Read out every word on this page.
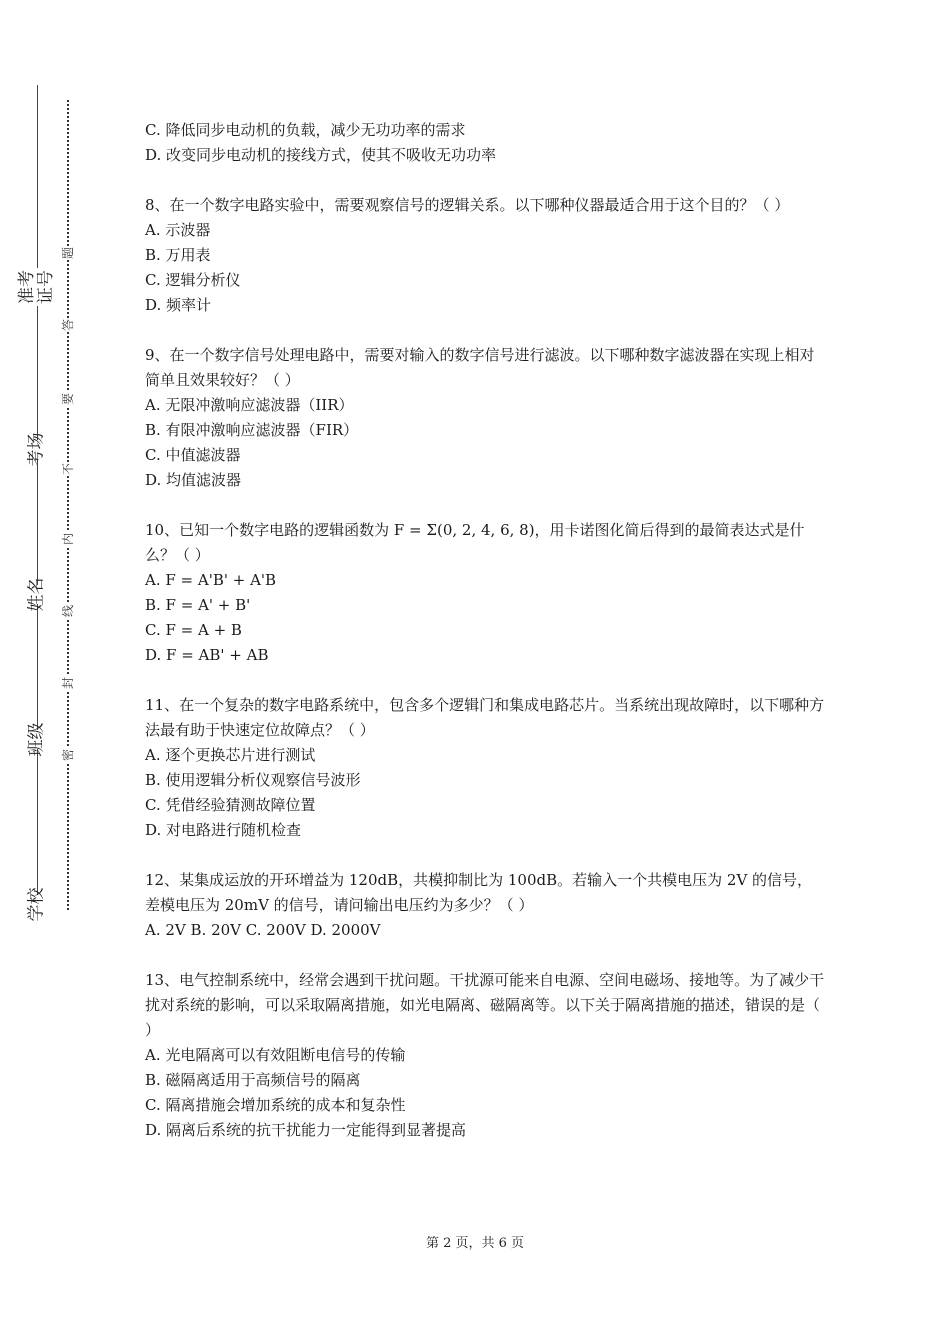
准考证号
考场
姓名
班级
学校
题
答
要
不
内
线
封
密
C. 降低同步电动机的负载，减少无功功率的需求
D. 改变同步电动机的接线方式，使其不吸收无功功率

8、在一个数字电路实验中，需要观察信号的逻辑关系。以下哪种仪器最适合用于这个目的？（ ）

A. 示波器
B. 万用表
C. 逻辑分析仪
D. 频率计

9、在一个数字信号处理电路中，需要对输入的数字信号进行滤波。以下哪种数字滤波器在实现上相对简单且效果较好？（ ）

A. 无限冲激响应滤波器（IIR）
B. 有限冲激响应滤波器（FIR）
C. 中值滤波器
D. 均值滤波器

10、已知一个数字电路的逻辑函数为 F = Σ(0, 2, 4, 6, 8)，用卡诺图化简后得到的最简表达式是什么？（ ）

A. F = A'B' + A'B
B. F = A' + B'
C. F = A + B
D. F = AB' + AB

11、在一个复杂的数字电路系统中，包含多个逻辑门和集成电路芯片。当系统出现故障时，以下哪种方法最有助于快速定位故障点？（ ）

A. 逐个更换芯片进行测试
B. 使用逻辑分析仪观察信号波形
C. 凭借经验猜测故障位置
D. 对电路进行随机检查

12、某集成运放的开环增益为 120dB，共模抑制比为 100dB。若输入一个共模电压为 2V 的信号，差模电压为 20mV 的信号，请问输出电压约为多少？（ ）

A. 2V B. 20V C. 200V D. 2000V

13、电气控制系统中，经常会遇到干扰问题。干扰源可能来自电源、空间电磁场、接地等。为了减少干扰对系统的影响，可以采取隔离措施，如光电隔离、磁隔离等。以下关于隔离措施的描述，错误的是（ ）

A. 光电隔离可以有效阻断电信号的传输
B. 磁隔离适用于高频信号的隔离
C. 隔离措施会增加系统的成本和复杂性
D. 隔离后系统的抗干扰能力一定能得到显著提高
第 2 页，共 6 页
